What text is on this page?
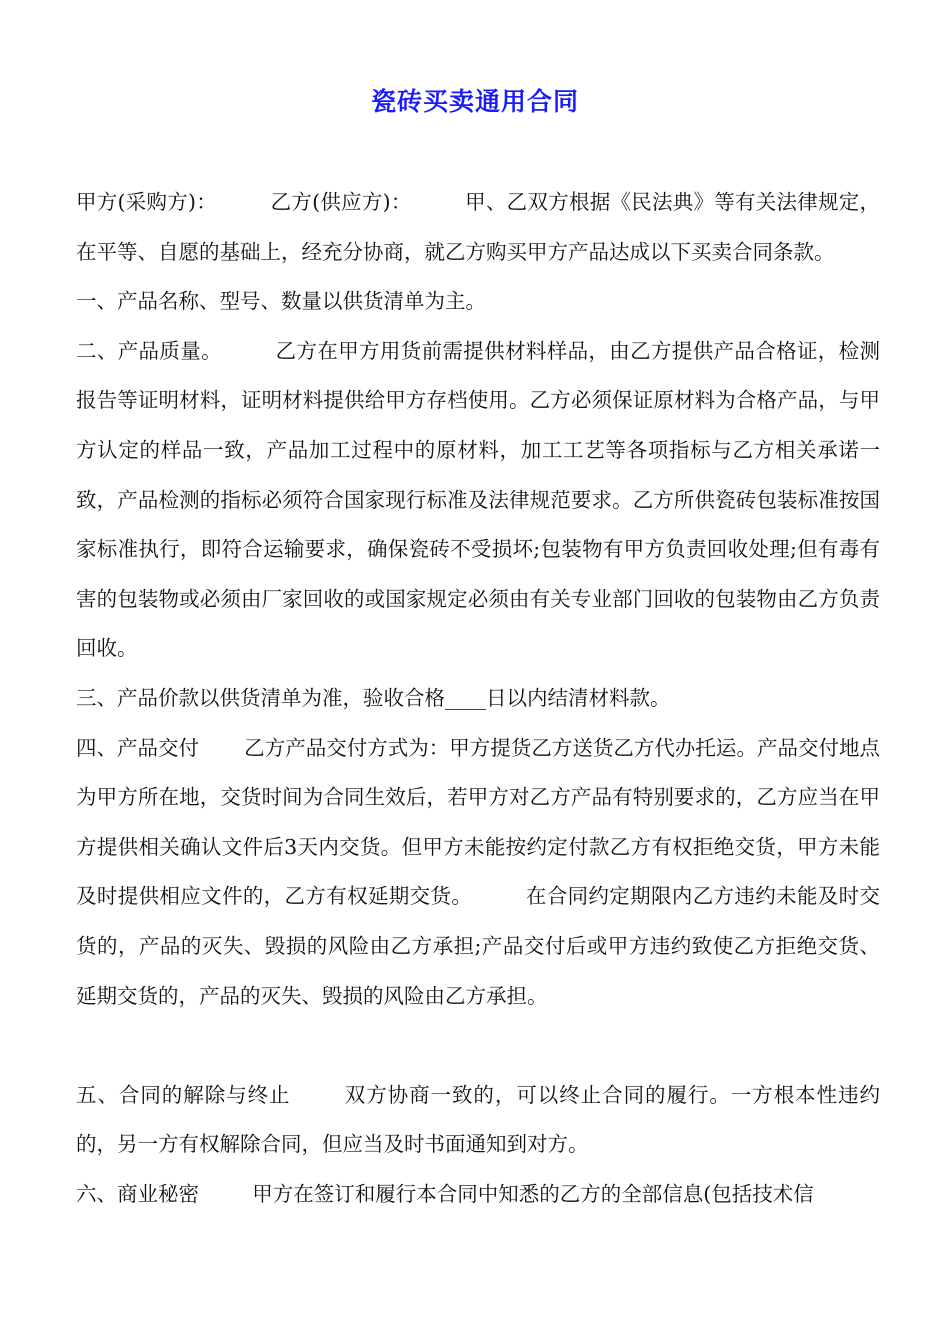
瓷砖买卖通用合同

甲方(采购方)：	乙方(供应方)：	甲、乙双方根据《民法典》等有关法律规定，在平等、自愿的基础上，经充分协商，就乙方购买甲方产品达成以下买卖合同条款。

一、产品名称、型号、数量以供货清单为主。

二、产品质量。	乙方在甲方用货前需提供材料样品，由乙方提供产品合格证，检测报告等证明材料，证明材料提供给甲方存档使用。乙方必须保证原材料为合格产品，与甲方认定的样品一致，产品加工过程中的原材料，加工工艺等各项指标与乙方相关承诺一致，产品检测的指标必须符合国家现行标准及法律规范要求。乙方所供瓷砖包装标准按国家标准执行，即符合运输要求，确保瓷砖不受损坏;包装物有甲方负责回收处理;但有毒有害的包装物或必须由厂家回收的或国家规定必须由有关专业部门回收的包装物由乙方负责回收。

三、产品价款以供货清单为准，验收合格____日以内结清材料款。

四、产品交付 乙方产品交付方式为：甲方提货乙方送货乙方代办托运。产品交付地点为甲方所在地，交货时间为合同生效后，若甲方对乙方产品有特别要求的，乙方应当在甲方提供相关确认文件后3天内交货。但甲方未能按约定付款乙方有权拒绝交货，甲方未能及时提供相应文件的，乙方有权延期交货。	在合同约定期限内乙方违约未能及时交货的，产品的灭失、毁损的风险由乙方承担;产品交付后或甲方违约致使乙方拒绝交货、延期交货的，产品的灭失、毁损的风险由乙方承担。

五、合同的解除与终止	双方协商一致的，可以终止合同的履行。一方根本性违约的，另一方有权解除合同，但应当及时书面通知到对方。

六、商业秘密	甲方在签订和履行本合同中知悉的乙方的全部信息(包括技术信
